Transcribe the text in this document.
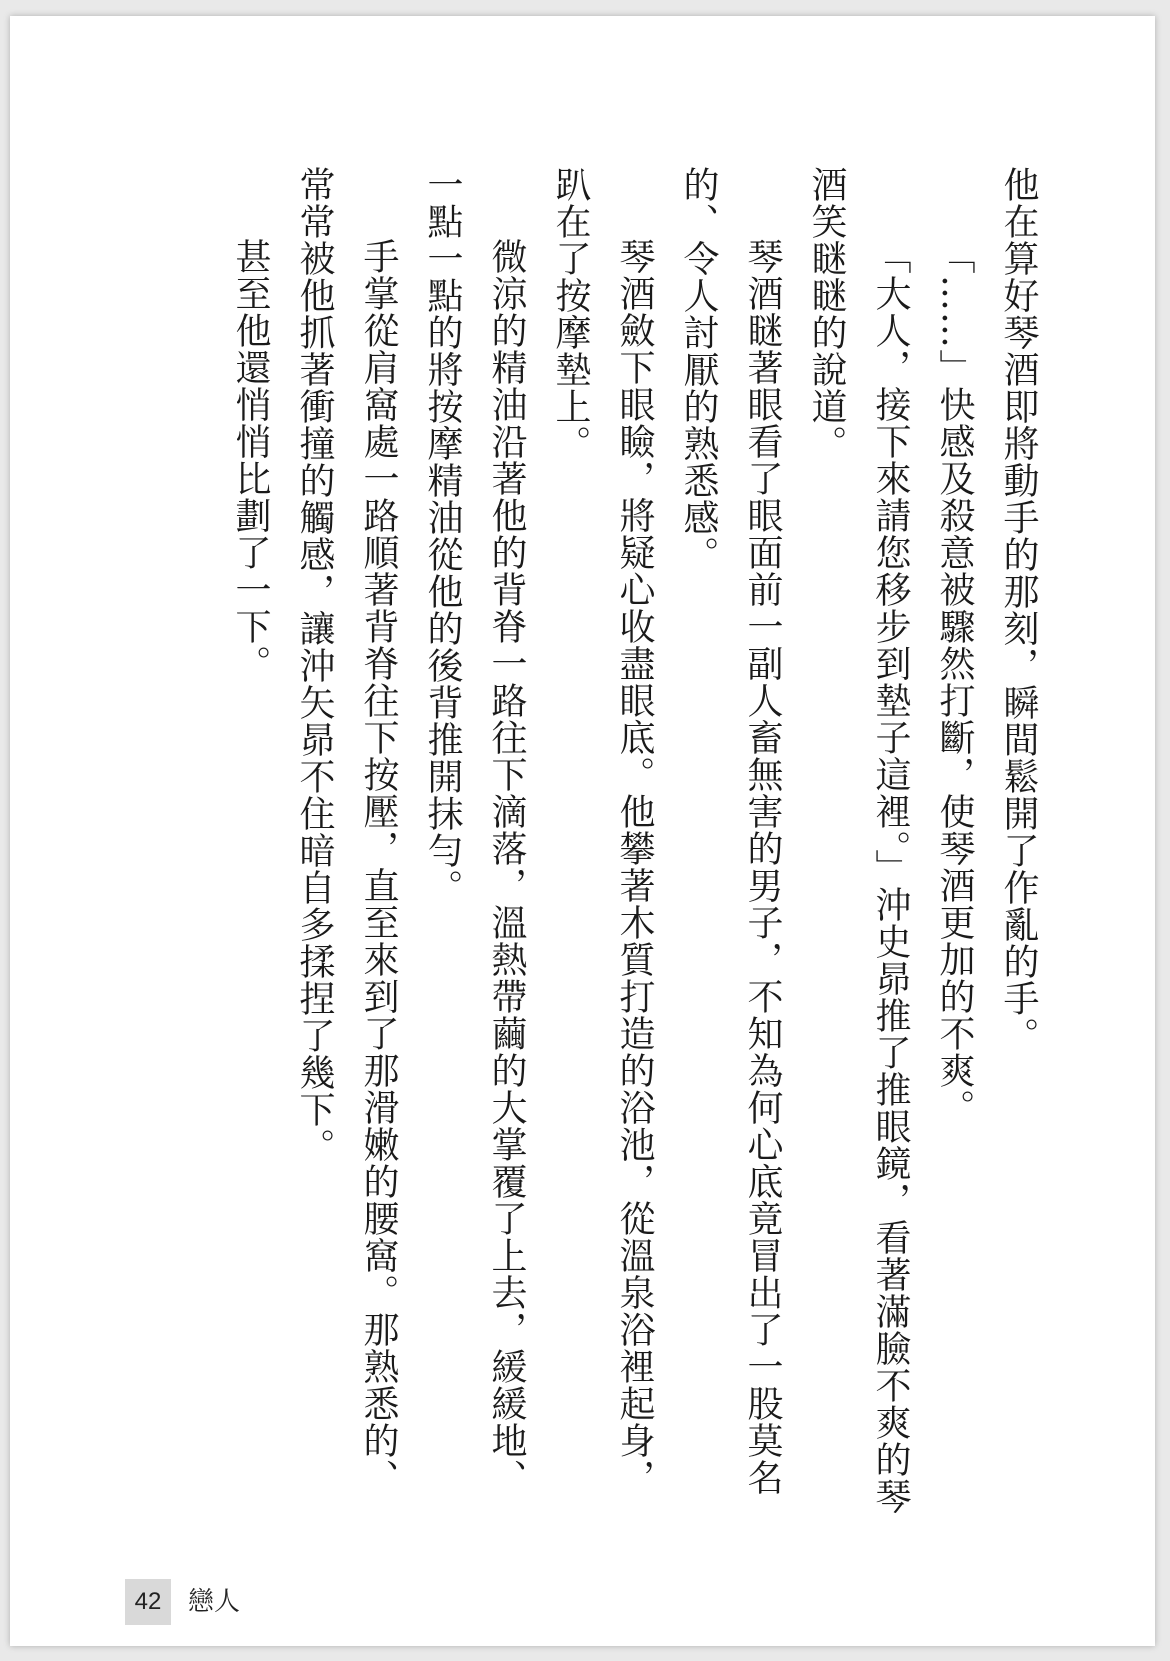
他在算好琴酒即將動手的那刻，瞬間鬆開了作亂的手。

「……」快感及殺意被驟然打斷，使琴酒更加的不爽。

「大人，接下來請您移步到墊子這裡。」沖史昴推了推眼鏡，看著滿臉不爽的琴酒笑瞇瞇的說道。

琴酒瞇著眼看了眼面前一副人畜無害的男子，不知為何心底竟冒出了一股莫名的、令人討厭的熟悉感。

琴酒斂下眼瞼，將疑心收盡眼底。他攀著木質打造的浴池，從溫泉浴裡起身，趴在了按摩墊上。

微涼的精油沿著他的背脊一路往下滴落，溫熱帶繭的大掌覆了上去，緩緩地、一點一點的將按摩精油從他的後背推開抹勻。

手掌從肩窩處一路順著背脊往下按壓，直至來到了那滑嫩的腰窩。那熟悉的、常常被他抓著衝撞的觸感，讓沖矢昴不住暗自多揉捏了幾下。

甚至他還悄悄比劃了一下。

42	戀人
